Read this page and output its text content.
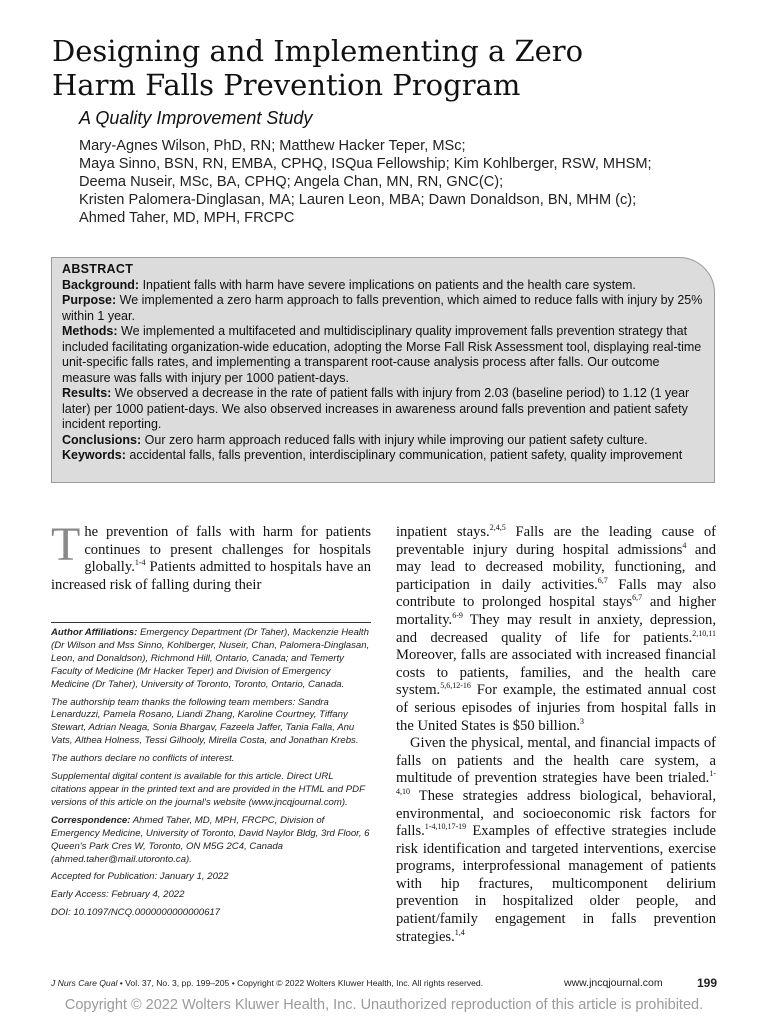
Designing and Implementing a Zero
Harm Falls Prevention Program
A Quality Improvement Study
Mary-Agnes Wilson, PhD, RN; Matthew Hacker Teper, MSc;
Maya Sinno, BSN, RN, EMBA, CPHQ, ISQua Fellowship; Kim Kohlberger, RSW, MHSM;
Deema Nuseir, MSc, BA, CPHQ; Angela Chan, MN, RN, GNC(C);
Kristen Palomera-Dinglasan, MA; Lauren Leon, MBA; Dawn Donaldson, BN, MHM (c);
Ahmed Taher, MD, MPH, FRCPC
ABSTRACT

Background: Inpatient falls with harm have severe implications on patients and the health care system.

Purpose: We implemented a zero harm approach to falls prevention, which aimed to reduce falls with injury by 25% within 1 year.

Methods: We implemented a multifaceted and multidisciplinary quality improvement falls prevention strategy that included facilitating organization-wide education, adopting the Morse Fall Risk Assessment tool, displaying real-time unit-specific falls rates, and implementing a transparent root-cause analysis process after falls. Our outcome measure was falls with injury per 1000 patient-days.

Results: We observed a decrease in the rate of patient falls with injury from 2.03 (baseline period) to 1.12 (1 year later) per 1000 patient-days. We also observed increases in awareness around falls prevention and patient safety incident reporting.

Conclusions: Our zero harm approach reduced falls with injury while improving our patient safety culture.

Keywords: accidental falls, falls prevention, interdisciplinary communication, patient safety, quality improvement

The prevention of falls with harm for patients continues to present challenges for hospitals globally.$^{1-4}$ Patients admitted to hospitals have an increased risk of falling during their

Author Affiliations: Emergency Department (Dr Taher), Mackenzie Health (Dr Wilson and Mss Sinno, Kohlberger, Nuseir, Chan, Palomera-Dinglasan, Leon, and Donaldson), Richmond Hill, Ontario, Canada; and Temerty Faculty of Medicine (Mr Hacker Teper) and Division of Emergency Medicine (Dr Taher), University of Toronto, Toronto, Ontario, Canada.

The authorship team thanks the following team members: Sandra Lenarduzzi, Pamela Rosano, Liandi Zhang, Karoline Courtney, Tiffany Stewart, Adrian Neaga, Sonia Bhargav, Fazeela Jaffer, Tania Falla, Anu Vats, Althea Holness, Tessi Gilhooly, Mirella Costa, and Jonathan Krebs.

The authors declare no conflicts of interest.

Supplemental digital content is available for this article. Direct URL citations appear in the printed text and are provided in the HTML and PDF versions of this article on the journal's website (www.jncqjournal.com).

Correspondence: Ahmed Taher, MD, MPH, FRCPC, Division of Emergency Medicine, University of Toronto, David Naylor Bldg, 3rd Floor, 6 Queen's Park Cres W, Toronto, ON M5G 2C4, Canada (ahmed.taher@mail.utoronto.ca).

Accepted for Publication: January 1, 2022

Early Access: February 4, 2022

DOI: 10.1097/NCQ.0000000000000617

inpatient stays.$^{2,4,5}$ Falls are the leading cause of preventable injury during hospital admissions$^4$ and may lead to decreased mobility, functioning, and participation in daily activities.$^{6,7}$ Falls may also contribute to prolonged hospital stays$^{6,7}$ and higher mortality.$^{6-9}$ They may result in anxiety, depression, and decreased quality of life for patients.$^{2,10,11}$ Moreover, falls are associated with increased financial costs to patients, families, and the health care system.$^{5,6,12-16}$ For example, the estimated annual cost of serious episodes of injuries from hospital falls in the United States is $50 billion.$^3$

Given the physical, mental, and financial impacts of falls on patients and the health care system, a multitude of prevention strategies have been trialed.$^{1-4,10}$ These strategies address biological, behavioral, environmental, and socioeconomic risk factors for falls.$^{1-4,10,17-19}$ Examples of effective strategies include risk identification and targeted interventions, exercise programs, interprofessional management of patients with hip fractures, multicomponent delirium prevention in hospitalized older people, and patient/family engagement in falls prevention strategies.$^{1,4}$

J Nurs Care Qual • Vol. 37, No. 3, pp. 199–205 • Copyright © 2022 Wolters Kluwer Health, Inc. All rights reserved.	www.jncqjournal.com	199
Copyright © 2022 Wolters Kluwer Health, Inc. Unauthorized reproduction of this article is prohibited.
